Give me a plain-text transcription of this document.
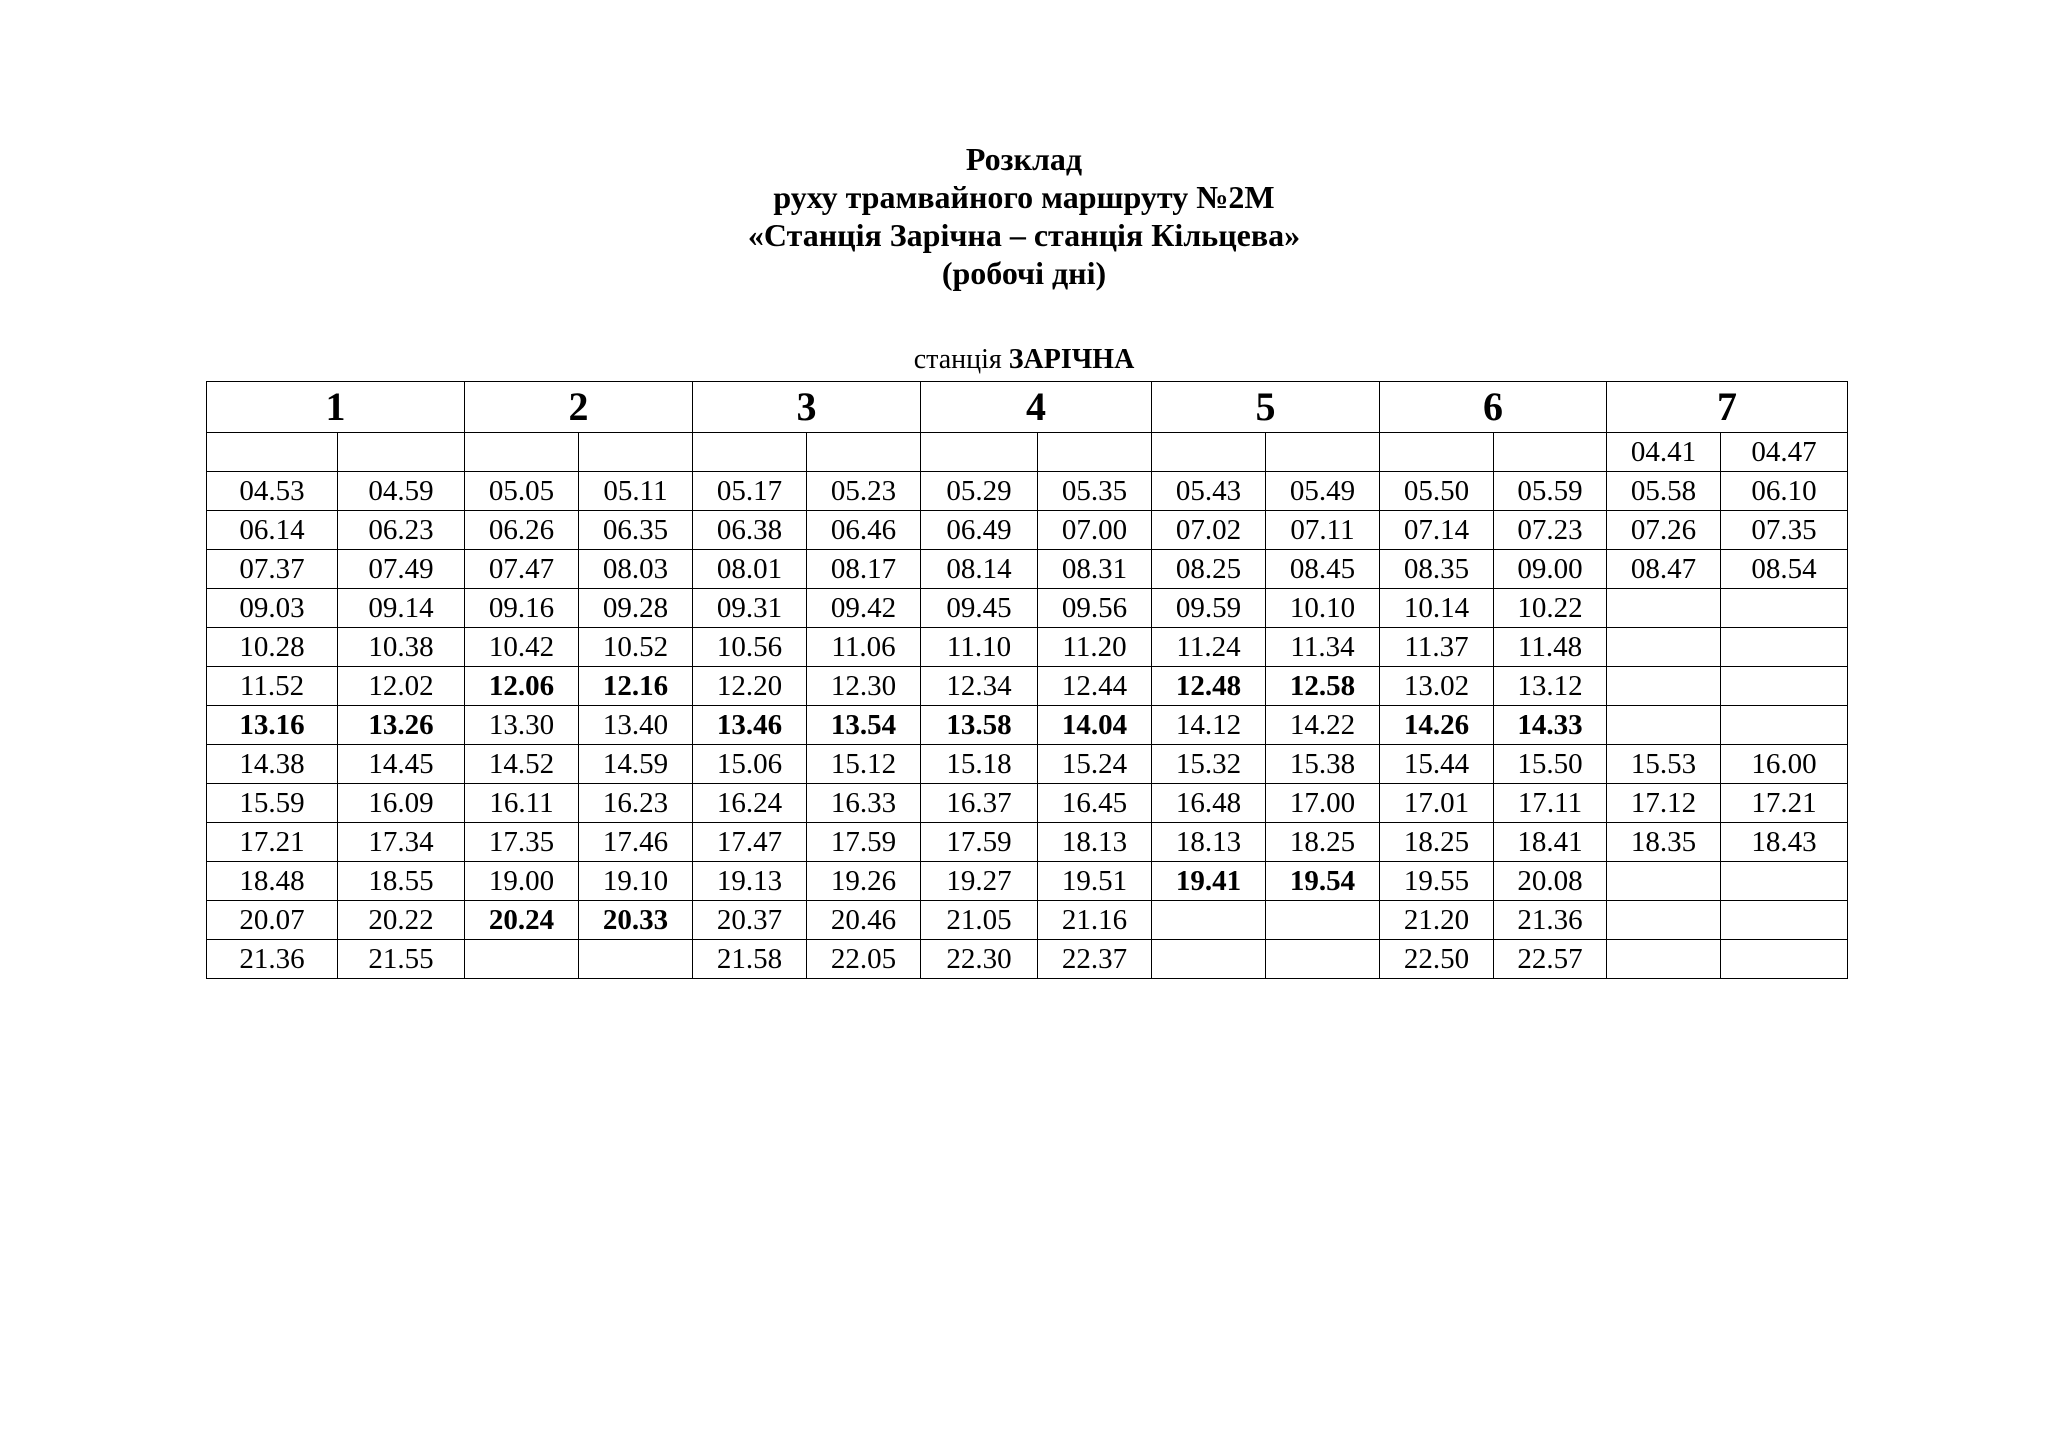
Розклад
руху трамвайного маршруту №2М
«Станція Зарічна – станція Кільцева»
(робочі дні)
станція ЗАРІЧНА
1		2		3		4		5		6		7	
												04.41	04.47
04.53	04.59	05.05	05.11	05.17	05.23	05.29	05.35	05.43	05.49	05.50	05.59	05.58	06.10
06.14	06.23	06.26	06.35	06.38	06.46	06.49	07.00	07.02	07.11	07.14	07.23	07.26	07.35
07.37	07.49	07.47	08.03	08.01	08.17	08.14	08.31	08.25	08.45	08.35	09.00	08.47	08.54
09.03	09.14	09.16	09.28	09.31	09.42	09.45	09.56	09.59	10.10	10.14	10.22		
10.28	10.38	10.42	10.52	10.56	11.06	11.10	11.20	11.24	11.34	11.37	11.48		
11.52	12.02	12.06	12.16	12.20	12.30	12.34	12.44	12.48	12.58	13.02	13.12		
13.16	13.26	13.30	13.40	13.46	13.54	13.58	14.04	14.12	14.22	14.26	14.33		
14.38	14.45	14.52	14.59	15.06	15.12	15.18	15.24	15.32	15.38	15.44	15.50	15.53	16.00
15.59	16.09	16.11	16.23	16.24	16.33	16.37	16.45	16.48	17.00	17.01	17.11	17.12	17.21
17.21	17.34	17.35	17.46	17.47	17.59	17.59	18.13	18.13	18.25	18.25	18.41	18.35	18.43
18.48	18.55	19.00	19.10	19.13	19.26	19.27	19.51	19.41	19.54	19.55	20.08		
20.07	20.22	20.24	20.33	20.37	20.46	21.05	21.16			21.20	21.36		
21.36	21.55			21.58	22.05	22.30	22.37			22.50	22.57		
